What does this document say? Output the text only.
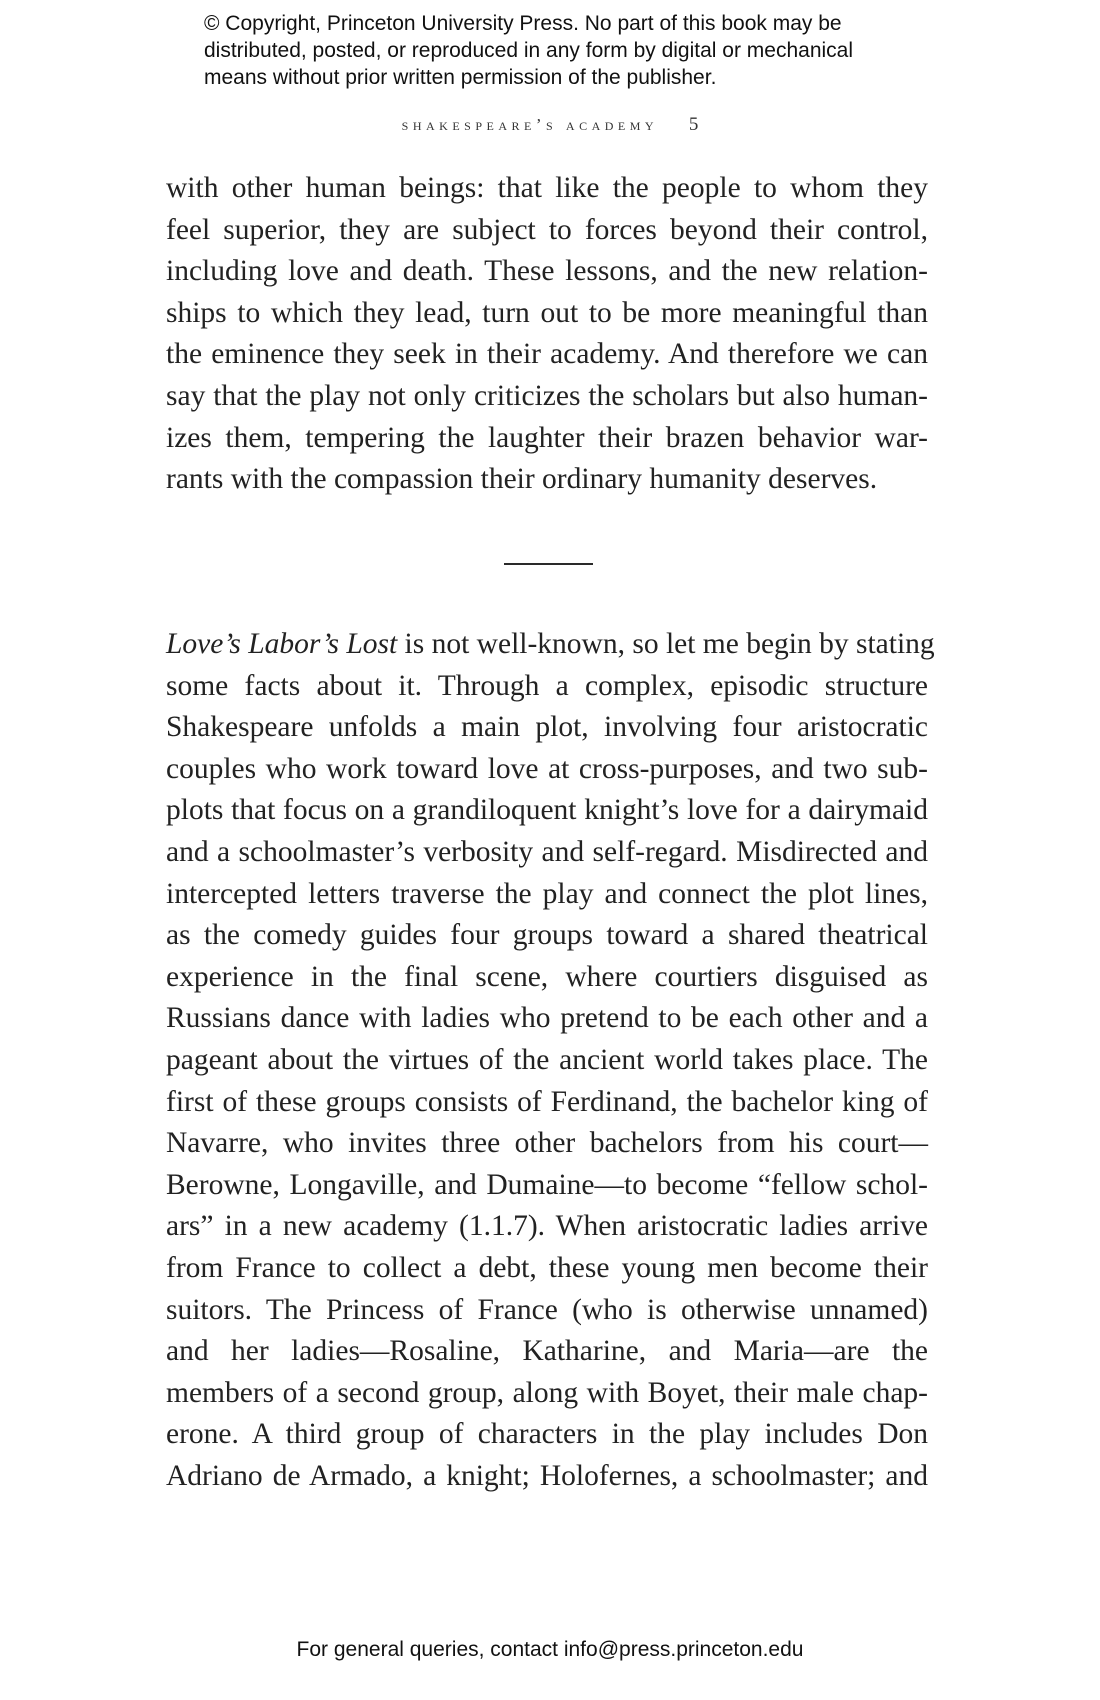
© Copyright, Princeton University Press. No part of this book may be
distributed, posted, or reproduced in any form by digital or mechanical
means without prior written permission of the publisher.
shakespeare’s academy 5
with other human beings: that like the people to whom they
feel superior, they are subject to forces beyond their control,
including love and death. These lessons, and the new relation-
ships to which they lead, turn out to be more meaningful than
the eminence they seek in their academy. And therefore we can
say that the play not only criticizes the scholars but also human-
izes them, tempering the laughter their brazen behavior war-
rants with the compassion their ordinary humanity deserves.
Love’s Labor’s Lost is not well-known, so let me begin by stating
some facts about it. Through a complex, episodic structure
Shakespeare unfolds a main plot, involving four aristocratic
couples who work toward love at cross-purposes, and two sub-
plots that focus on a grandiloquent knight’s love for a dairymaid
and a schoolmaster’s verbosity and self-regard. Misdirected and
intercepted letters traverse the play and connect the plot lines,
as the comedy guides four groups toward a shared theatrical
experience in the final scene, where courtiers disguised as
Russians dance with ladies who pretend to be each other and a
pageant about the virtues of the ancient world takes place. The
first of these groups consists of Ferdinand, the bachelor king of
Navarre, who invites three other bachelors from his court—
Berowne, Longaville, and Dumaine—to become “fellow schol-
ars” in a new academy (1.1.7). When aristocratic ladies arrive
from France to collect a debt, these young men become their
suitors. The Princess of France (who is otherwise unnamed)
and her ladies—Rosaline, Katharine, and Maria—are the
members of a second group, along with Boyet, their male chap-
erone. A third group of characters in the play includes Don
Adriano de Armado, a knight; Holofernes, a schoolmaster; and
For general queries, contact info@press.princeton.edu
